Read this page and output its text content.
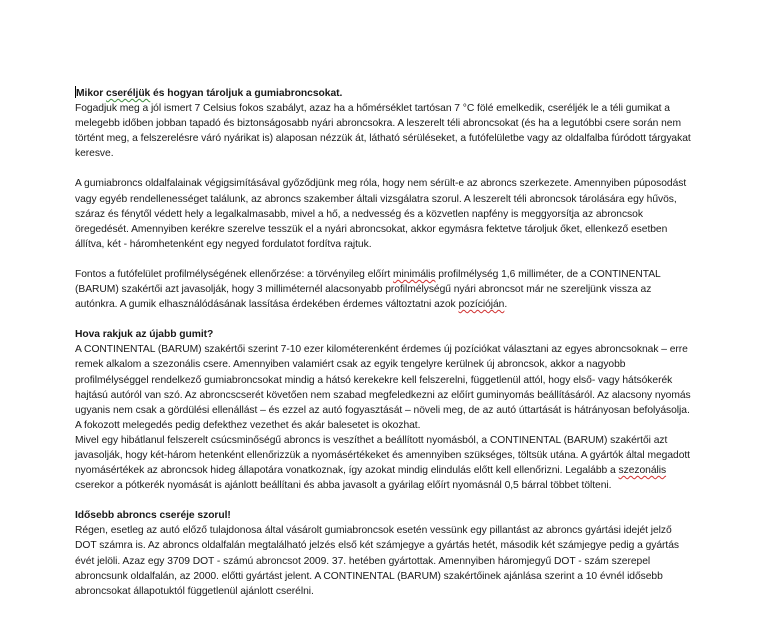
Mikor cseréljük és hogyan tároljuk a gumiabroncsokat.

Fogadjuk meg a jól ismert 7 Celsius fokos szabályt, azaz ha a hőmérséklet tartósan 7 °C fölé emelkedik, cseréljék le a téli gumikat a melegebb időben jobban tapadó és biztonságosabb nyári abroncsokra. A leszerelt téli abroncsokat (és ha a legutóbbi csere során nem történt meg, a felszerelésre váró nyárikat is) alaposan nézzük át, látható sérüléseket, a futófelületbe vagy az oldalfalba fúródott tárgyakat keresve.

A gumiabroncs oldalfalainak végigsimításával győződjünk meg róla, hogy nem sérült-e az abroncs szerkezete. Amennyiben púposodást vagy egyéb rendellenességet találunk, az abroncs szakember általi vizsgálatra szorul. A leszerelt téli abroncsok tárolására egy hűvös, száraz és fénytől védett hely a legalkalmasabb, mivel a hő, a nedvesség és a közvetlen napfény is meggyorsítja az abroncsok öregedését. Amennyiben kerékre szerelve tesszük el a nyári abroncsokat, akkor egymásra fektetve tároljuk őket, ellenkező esetben állítva, két - háromhetenként egy negyed fordulatot fordítva rajtuk.

Fontos a futófelület profilmélységének ellenőrzése: a törvényileg előírt minimális profilmélység 1,6 milliméter, de a CONTINENTAL (BARUM) szakértői azt javasolják, hogy 3 milliméternél alacsonyabb profilmélységű nyári abroncsot már ne szereljünk vissza az autónkra. A gumik elhasználódásának lassítása érdekében érdemes változtatni azok pozícióján.

Hova rakjuk az újabb gumit?

A CONTINENTAL (BARUM) szakértői szerint 7-10 ezer kilométerenként érdemes új pozíciókat választani az egyes abroncsoknak – erre remek alkalom a szezonális csere. Amennyiben valamiért csak az egyik tengelyre kerülnek új abroncsok, akkor a nagyobb profilmélységgel rendelkező gumiabroncsokat mindig a hátsó kerekekre kell felszerelni, függetlenül attól, hogy első- vagy hátsókerék hajtású autóról van szó. Az abroncscserét követően nem szabad megfeledkezni az előírt guminyomás beállításáról. Az alacsony nyomás ugyanis nem csak a gördülési ellenállást – és ezzel az autó fogyasztását – növeli meg, de az autó úttartását is hátrányosan befolyásolja. A fokozott melegedés pedig defekthez vezethet és akár balesetet is okozhat.

Mivel egy hibátlanul felszerelt csúcsminőségű abroncs is veszíthet a beállított nyomásból, a CONTINENTAL (BARUM) szakértői azt javasolják, hogy két-három hetenként ellenőrizzük a nyomásértékeket és amennyiben szükséges, töltsük utána. A gyártók által megadott nyomásértékek az abroncsok hideg állapotára vonatkoznak, így azokat mindig elindulás előtt kell ellenőrizni. Legalább a szezonális cserekor a pótkerék nyomását is ajánlott beállítani és abba javasolt a gyárilag előírt nyomásnál 0,5 bárral többet tölteni.

Idősebb abroncs cseréje szorul!

Régen, esetleg az autó előző tulajdonosa által vásárolt gumiabroncsok esetén vessünk egy pillantást az abroncs gyártási idejét jelző DOT számra is. Az abroncs oldalfalán megtalálható jelzés első két számjegye a gyártás hetét, második két számjegye pedig a gyártás évét jelöli. Azaz egy 3709 DOT - számú abroncsot 2009. 37. hetében gyártottak. Amennyiben háromjegyű DOT - szám szerepel abroncsunk oldalfalán, az 2000. előtti gyártást jelent. A CONTINENTAL (BARUM) szakértőinek ajánlása szerint a 10 évnél idősebb abroncsokat állapotuktól függetlenül ajánlott cserélni.
